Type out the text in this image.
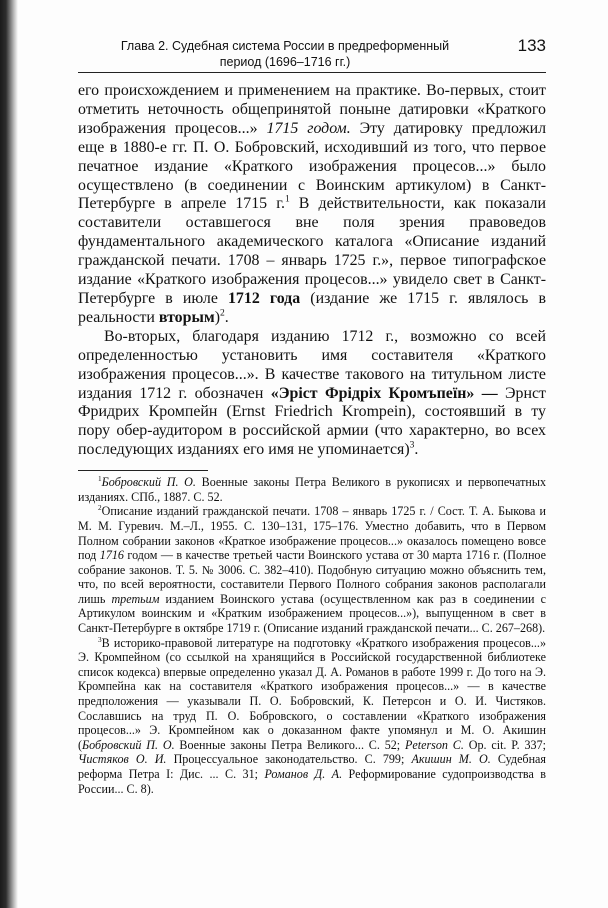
Глава 2. Судебная система России в предреформенный
период (1696–1716 гг.)
133

его происхождением и применением на практике. Во-первых, стоит отметить неточность общепринятой поныне датировки «Краткого изображения процесов...» 1715 годом. Эту датировку предложил еще в 1880-е гг. П. О. Бобровский, исходивший из того, что первое печатное издание «Краткого изображения процесов...» было осуществлено (в соединении с Воинским артикулом) в Санкт-Петербурге в апреле 1715 г.$^1$ В действительности, как показали составители оставшегося вне поля зрения правоведов фундаментального академического каталога «Описание изданий гражданской печати. 1708 – январь 1725 г.», первое типографское издание «Краткого изображения процесов...» увидело свет в Санкт-Петербурге в июле 1712 года (издание же 1715 г. являлось в реальности вторым)$^2$.

Во-вторых, благодаря изданию 1712 г., возможно со всей определенностью установить имя составителя «Краткого изображения процесов...». В качестве такового на титульном листе издания 1712 г. обозначен «Эрiст Фрiдрiх Кромъпеïн» — Эрнст Фридрих Кромпейн (Ernst Friedrich Krompein), состоявший в ту пору обер-аудитором в российской армии (что характерно, во всех последующих изданиях его имя не упоминается)$^3$.

$^1$Бобровский П. О. Военные законы Петра Великого в рукописях и первопечатных изданиях. СПб., 1887. С. 52.

$^2$Описание изданий гражданской печати. 1708 – январь 1725 г. / Сост. Т. А. Быкова и М. М. Гуревич. М.–Л., 1955. С. 130–131, 175–176. Уместно добавить, что в Первом Полном собрании законов «Краткое изображение процесов...» оказалось помещено вовсе под 1716 годом — в качестве третьей части Воинского устава от 30 марта 1716 г. (Полное собрание законов. Т. 5. № 3006. С. 382–410). Подобную ситуацию можно объяснить тем, что, по всей вероятности, составители Первого Полного собрания законов располагали лишь третьим изданием Воинского устава (осуществленном как раз в соединении с Артикулом воинским и «Кратким изображением процесов...»), выпущенном в свет в Санкт-Петербурге в октябре 1719 г. (Описание изданий гражданской печати... С. 267–268).

$^3$В историко-правовой литературе на подготовку «Краткого изображения процесов...» Э. Кромпейном (со ссылкой на хранящийся в Российской государственной библиотеке список кодекса) впервые определенно указал Д. А. Романов в работе 1999 г. До того на Э. Кромпейна как на составителя «Краткого изображения процесов...» — в качестве предположения — указывали П. О. Бобровский, К. Петерсон и О. И. Чистяков. Сославшись на труд П. О. Бобровского, о составлении «Краткого изображения процесов...» Э. Кромпейном как о доказанном факте упомянул и М. О. Акишин (Бобровский П. О. Военные законы Петра Великого... С. 52; Peterson C. Op. cit. P. 337; Чистяков О. И. Процессуальное законодательство. С. 799; Акишин М. О. Судебная реформа Петра I: Дис. ... С. 31; Романов Д. А. Реформирование судопроизводства в России... С. 8).
